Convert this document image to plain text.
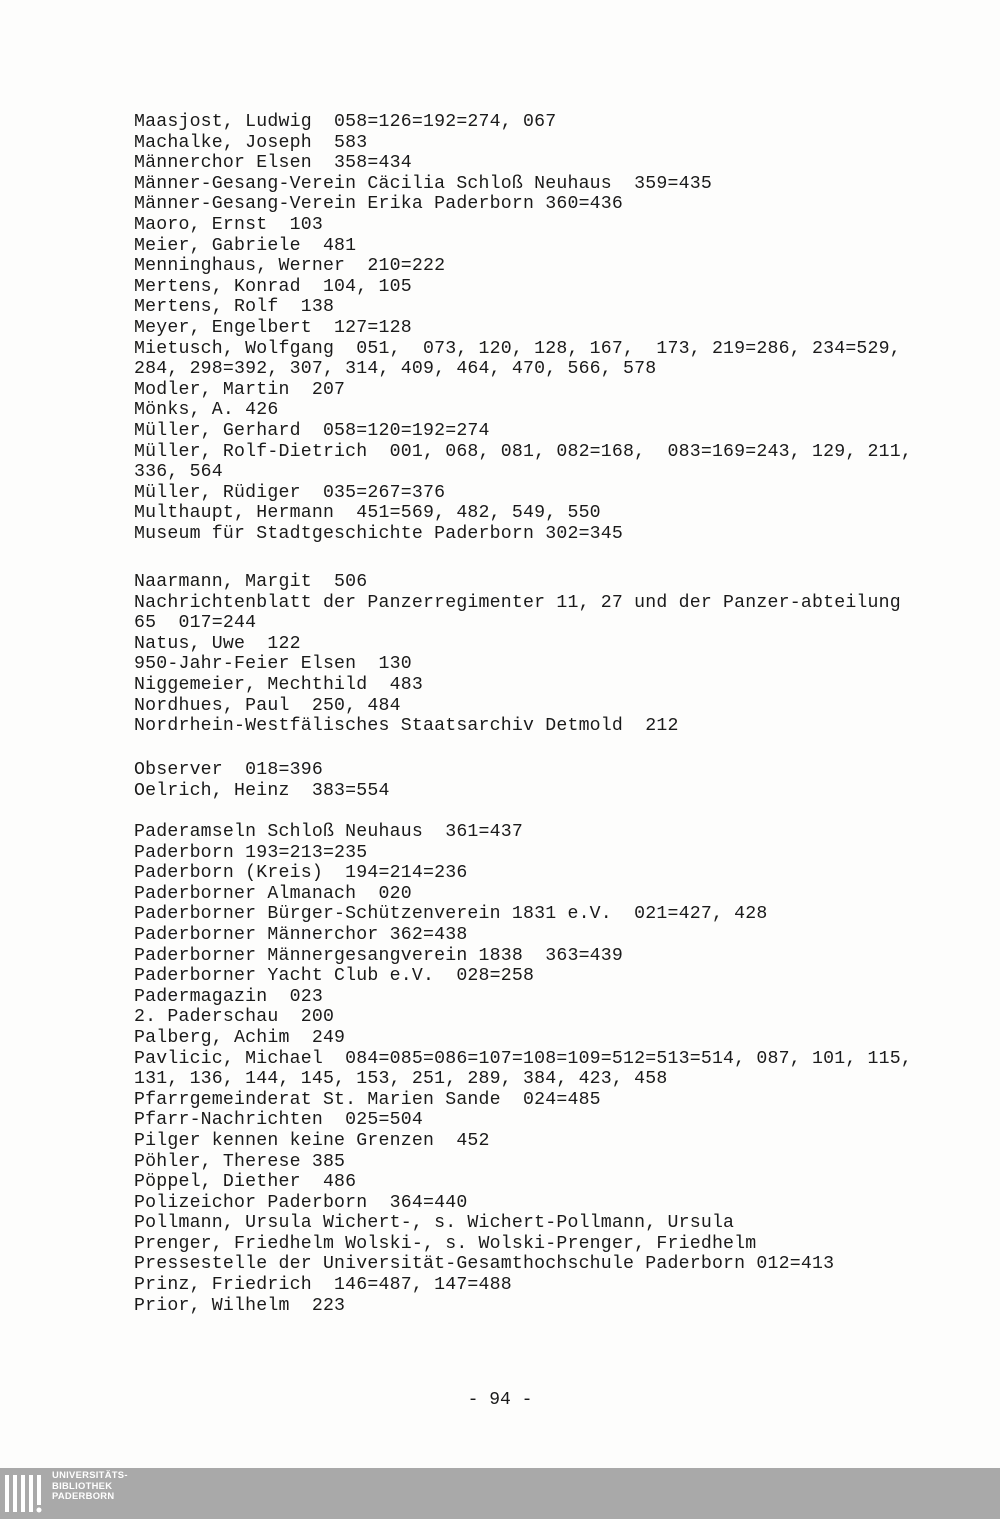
Maasjost, Ludwig  058=126=192=274, 067
Machalke, Joseph  583
Männerchor Elsen  358=434
Männer-Gesang-Verein Cäcilia Schloß Neuhaus  359=435
Männer-Gesang-Verein Erika Paderborn 360=436
Maoro, Ernst  103
Meier, Gabriele  481
Menninghaus, Werner  210=222
Mertens, Konrad  104, 105
Mertens, Rolf  138
Meyer, Engelbert  127=128
Mietusch, Wolfgang  051,  073, 120, 128, 167,  173, 219=286, 234=529, 284, 298=392, 307, 314, 409, 464, 470, 566, 578
Modler, Martin  207
Mönks, A. 426
Müller, Gerhard  058=120=192=274
Müller, Rolf-Dietrich  001, 068, 081, 082=168,  083=169=243, 129, 211, 336, 564
Müller, Rüdiger  035=267=376
Multhaupt, Hermann  451=569, 482, 549, 550
Museum für Stadtgeschichte Paderborn 302=345
Naarmann, Margit  506
Nachrichtenblatt der Panzerregimenter 11, 27 und der Panzer-abteilung 65  017=244
Natus, Uwe  122
950-Jahr-Feier Elsen  130
Niggemeier, Mechthild  483
Nordhues, Paul  250, 484
Nordrhein-Westfälisches Staatsarchiv Detmold  212
Observer  018=396
Oelrich, Heinz  383=554
Paderamseln Schloß Neuhaus  361=437
Paderborn 193=213=235
Paderborn (Kreis)  194=214=236
Paderborner Almanach  020
Paderborner Bürger-Schützenverein 1831 e.V.  021=427, 428
Paderborner Männerchor 362=438
Paderborner Männergesangverein 1838  363=439
Paderborner Yacht Club e.V.  028=258
Padermagazin  023
2. Paderschau  200
Palberg, Achim  249
Pavlicic, Michael  084=085=086=107=108=109=512=513=514, 087, 101, 115, 131, 136, 144, 145, 153, 251, 289, 384, 423, 458
Pfarrgemeinderat St. Marien Sande  024=485
Pfarr-Nachrichten  025=504
Pilger kennen keine Grenzen  452
Pöhler, Therese 385
Pöppel, Diether  486
Polizeichor Paderborn  364=440
Pollmann, Ursula Wichert-, s. Wichert-Pollmann, Ursula
Prenger, Friedhelm Wolski-, s. Wolski-Prenger, Friedhelm
Pressestelle der Universität-Gesamthochschule Paderborn 012=413
Prinz, Friedrich  146=487, 147=488
Prior, Wilhelm  223
- 94 -
UNIVERSITÄTS-
BIBLIOTHEK
PADERBORN
